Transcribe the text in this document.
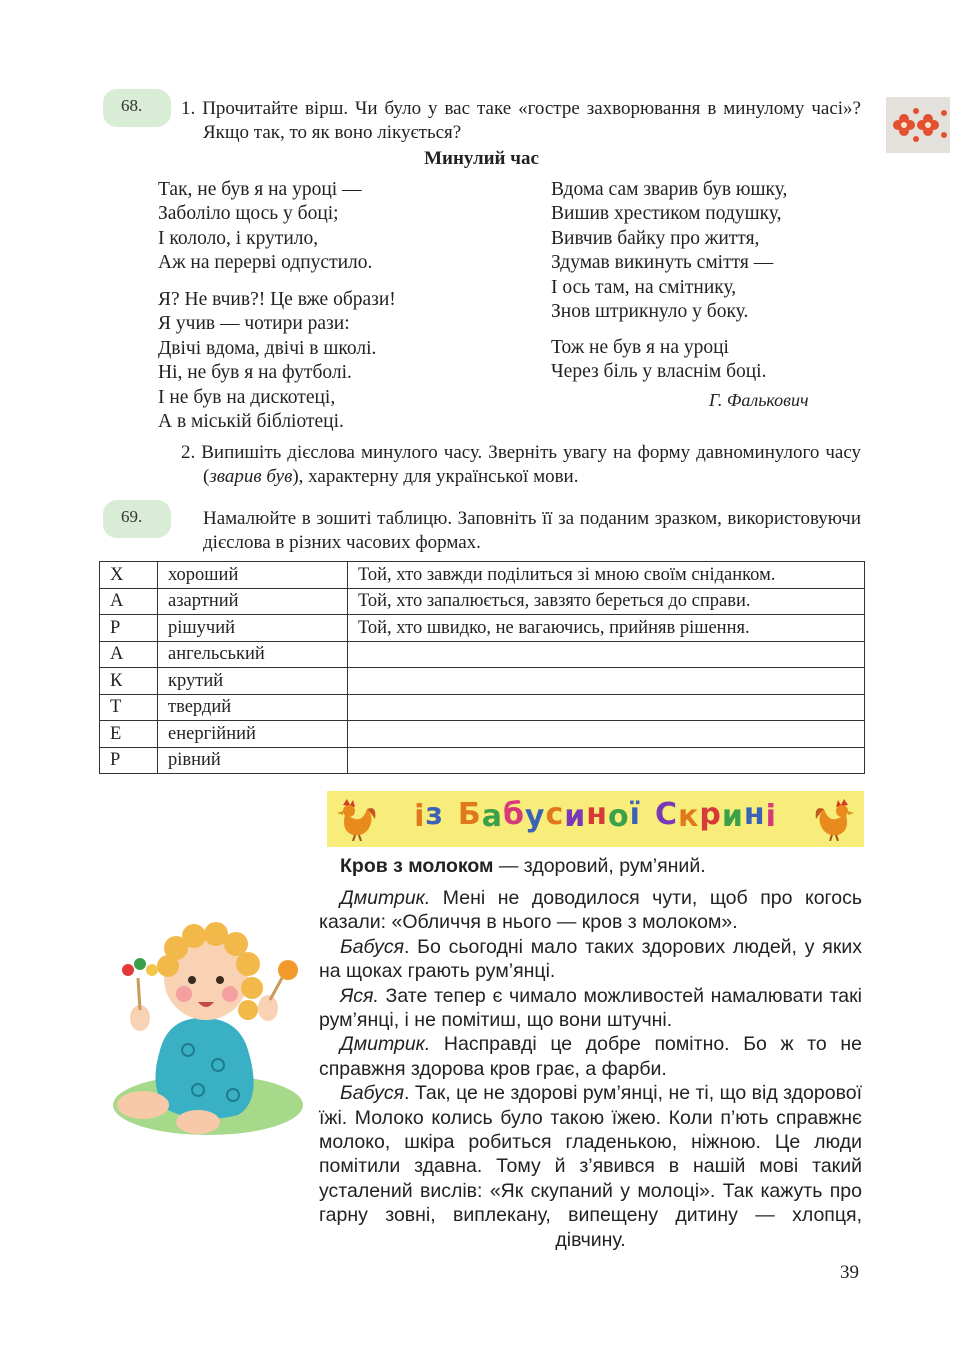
68.	1. Прочитайте вірш. Чи було у вас таке «гостре захворювання в минулому часі»? Якщо так, то як воно лікується?
Минулий час
Так, не був я на уроці —
Заболіло щось у боці;
І кололо, і крутило,
Аж на перерві одпустило.
Я? Не вчив?! Це вже образи!
Я учив — чотири рази:
Двічі вдома, двічі в школі.
Ні, не був я на футболі.
І не був на дискотеці,
А в міській бібліотеці.
Вдома сам зварив був юшку,
Вишив хрестиком подушку,
Вивчив байку про життя,
Здумав викинуть сміття —
І ось там, на смітнику,
Знов штрикнуло у боку.
Тож не був я на уроці
Через біль у власнім боці.
Г. Фалькович
2. Випишіть дієслова минулого часу. Зверніть увагу на форму давноминулого часу (зварив був), характерну для української мови.
69.	Намалюйте в зошиті таблицю. Заповніть її за поданим зразком, використовуючи дієслова в різних часових формах.
Х	хороший	Той, хто завжди поділиться зі мною своїм сніданком.
А	азартний	Той, хто запалюється, завзято береться до справи.
Р	рішучий	Той, хто швидко, не вагаючись, прийняв рішення.
А	ангельський	
К	крутий	
Т	твердий	
Е	енергійний	
Р	рівний	
із Бабусиної Скрині
Кров з молоком — здоровий, рум’яний.

Дмитрик. Мені не доводилося чути, щоб про когось казали: «Обличчя в нього — кров з молоком».

Бабуся. Бо сьогодні мало таких здорових людей, у яких на щоках грають рум’янці.

Яся. Зате тепер є чимало можливостей намалювати такі рум’янці, і не помітиш, що вони штучні.

Дмитрик. Насправді це добре помітно. Бо ж то не справжня здорова кров грає, а фарби.

Бабуся. Так, це не здорові рум’янці, не ті, що від здорової їжі. Молоко колись було такою їжею. Коли п’ють справжнє молоко, шкіра робиться гладенькою, ніжною. Це люди помітили здавна. Тому й з’явився в нашій мові такий усталений вислів: «Як скупаний у молоці». Так кажуть про гарну зовні, виплекану, випещену дитину — хлопця, дівчину.

39
